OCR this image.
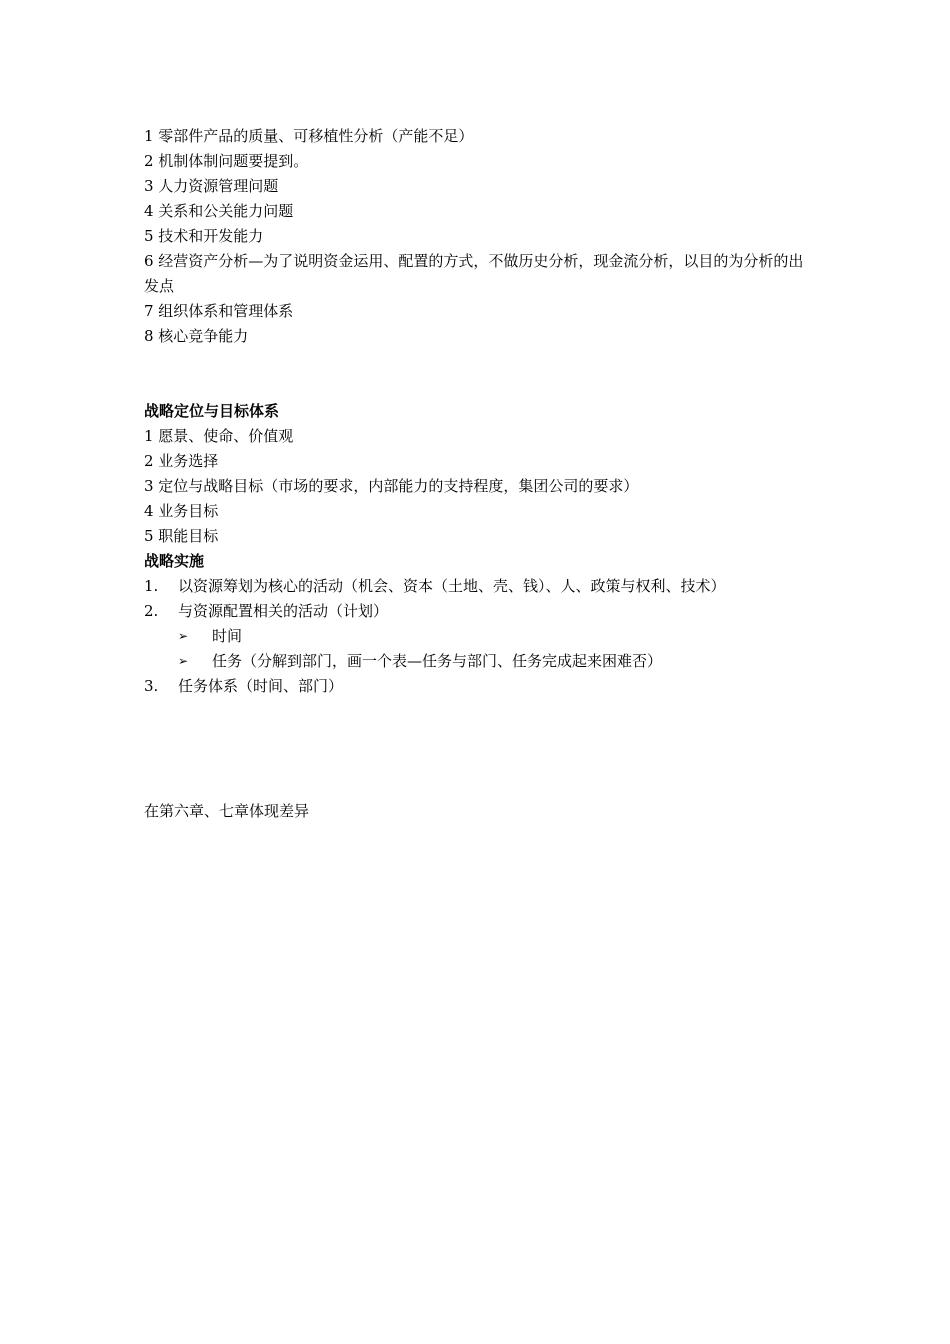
1 零部件产品的质量、可移植性分析（产能不足）
2 机制体制问题要提到。
3 人力资源管理问题
4 关系和公关能力问题
5 技术和开发能力
6 经营资产分析—为了说明资金运用、配置的方式，不做历史分析，现金流分析，以目的为分析的出发点
7 组织体系和管理体系
8 核心竞争能力
战略定位与目标体系
1 愿景、使命、价值观
2 业务选择
3 定位与战略目标（市场的要求，内部能力的支持程度，集团公司的要求）
4 业务目标
5 职能目标
战略实施
1.	以资源筹划为核心的活动（机会、资本（土地、壳、钱）、人、政策与权利、技术）
2.	与资源配置相关的活动（计划）
➢	时间
➢	任务（分解到部门，画一个表—任务与部门、任务完成起来困难否）
3.	任务体系（时间、部门）
在第六章、七章体现差异
